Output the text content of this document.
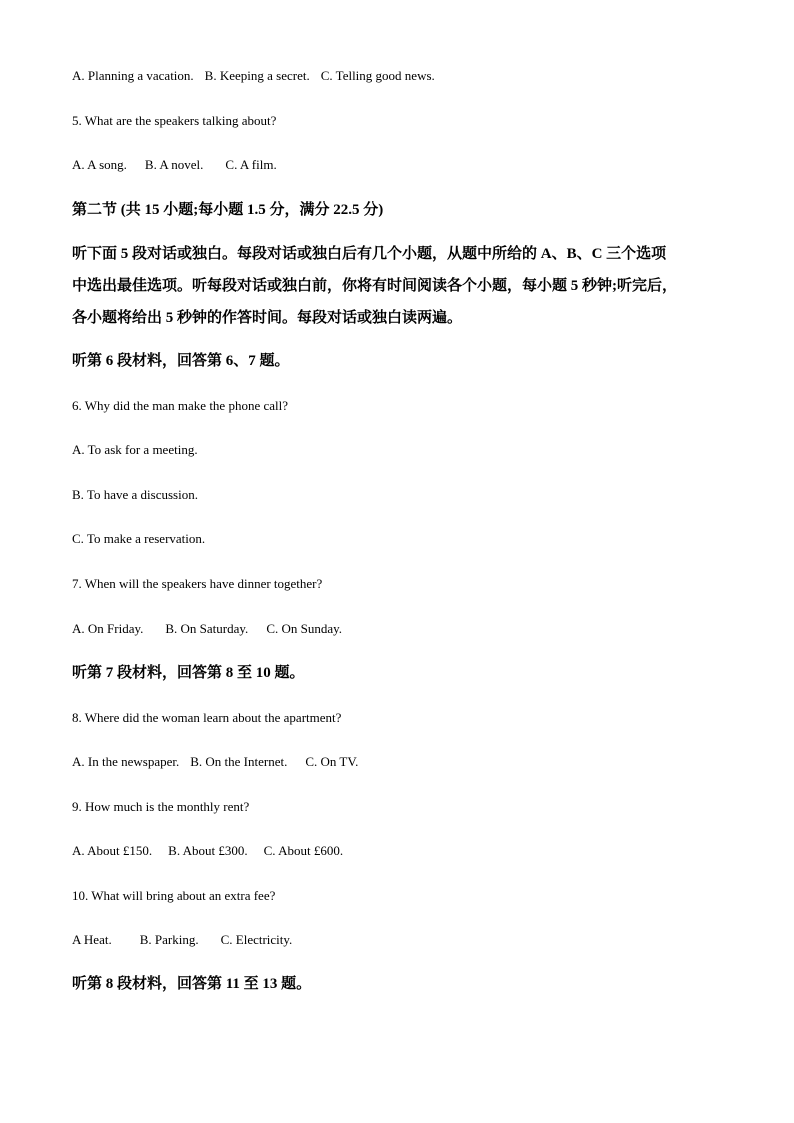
A. Planning a vacation. B. Keeping a secret. C. Telling good news.
5. What are the speakers talking about?
A. A song. B. A novel. C. A film.
第二节 (共 15 小题;每小题 1.5 分，满分 22.5 分)
听下面 5 段对话或独白。每段对话或独白后有几个小题，从题中所给的 A、B、C 三个选项
中选出最佳选项。听每段对话或独白前，你将有时间阅读各个小题，每小题 5 秒钟;听完后，
各小题将给出 5 秒钟的作答时间。每段对话或独白读两遍。
听第 6 段材料，回答第 6、7 题。
6. Why did the man make the phone call?
A. To ask for a meeting.
B. To have a discussion.
C. To make a reservation.
7. When will the speakers have dinner together?
A. On Friday. B. On Saturday. C. On Sunday.
听第 7 段材料，回答第 8 至 10 题。
8. Where did the woman learn about the apartment?
A. In the newspaper. B. On the Internet. C. On TV.
9. How much is the monthly rent?
A. About £150. B. About £300. C. About £600.
10. What will bring about an extra fee?
A Heat. B. Parking. C. Electricity.
听第 8 段材料，回答第 11 至 13 题。
